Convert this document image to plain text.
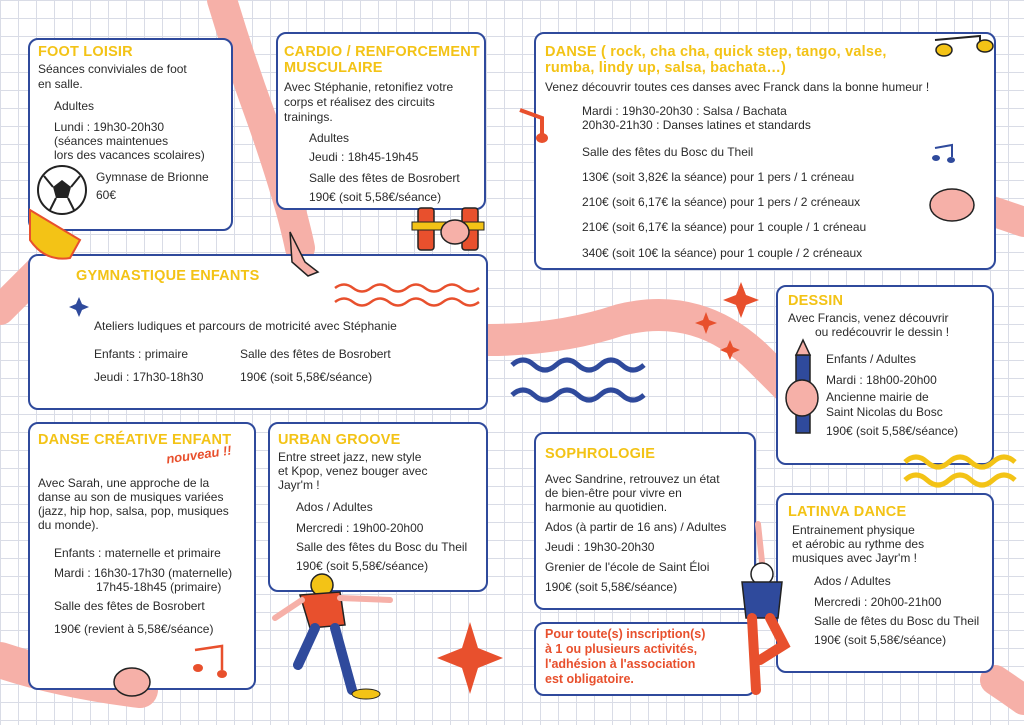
FOOT LOISIR
Séances conviviales de foot
en salle.
Adultes
Lundi : 19h30-20h30
(séances maintenues
lors des vacances scolaires)
Gymnase de Brionne
60€
CARDIO / RENFORCEMENT
MUSCULAIRE
Avec Stéphanie, retonifiez votre
corps et réalisez des circuits
trainings.
Adultes
Jeudi : 18h45-19h45
Salle des fêtes de Bosrobert
190€ (soit 5,58€/séance)
DANSE ( rock, cha cha, quick step, tango, valse,
rumba, lindy up, salsa, bachata…)
Venez découvrir toutes ces danses avec Franck dans la bonne humeur !
Mardi : 19h30-20h30 : Salsa / Bachata
20h30-21h30 : Danses latines et standards
Salle des fêtes du Bosc du Theil
130€ (soit 3,82€ la séance) pour 1 pers / 1 créneau
210€ (soit 6,17€ la séance) pour 1 pers / 2 créneaux
210€ (soit 6,17€ la séance) pour 1 couple / 1 créneau
340€ (soit 10€ la séance) pour 1 couple / 2 créneaux
GYMNASTIQUE ENFANTS
Ateliers ludiques et parcours de motricité avec Stéphanie
Enfants : primaire
Jeudi : 17h30-18h30
Salle des fêtes de Bosrobert
190€ (soit 5,58€/séance)
DESSIN
Avec Francis, venez découvrir
ou redécouvrir le dessin !
Enfants / Adultes
Mardi : 18h00-20h00
Ancienne mairie de
Saint Nicolas du Bosc
190€ (soit 5,58€/séance)
DANSE CRÉATIVE ENFANT
nouveau !!
Avec Sarah, une approche de la
danse au son de musiques variées
(jazz, hip hop, salsa, pop, musiques
du monde).
Enfants : maternelle et primaire
Mardi : 16h30-17h30 (maternelle)
17h45-18h45 (primaire)
Salle des fêtes de Bosrobert
190€ (revient à 5,58€/séance)
URBAN GROOVE
Entre street jazz, new style
et Kpop, venez bouger avec
Jayr'm !
Ados / Adultes
Mercredi : 19h00-20h00
Salle des fêtes du Bosc du Theil
190€ (soit 5,58€/séance)
SOPHROLOGIE
Avec Sandrine, retrouvez un état
de bien-être pour vivre en
harmonie au quotidien.
Ados (à partir de 16 ans) / Adultes
Jeudi : 19h30-20h30
Grenier de l'école de Saint Éloi
190€ (soit 5,58€/séance)
LATINVA DANCE
Entrainement physique
et aérobic au rythme des
musiques avec Jayr'm !
Ados / Adultes
Mercredi : 20h00-21h00
Salle de fêtes du Bosc du Theil
190€ (soit 5,58€/séance)
Pour toute(s) inscription(s)
à 1 ou plusieurs activités,
l'adhésion à l'association
est obligatoire.
